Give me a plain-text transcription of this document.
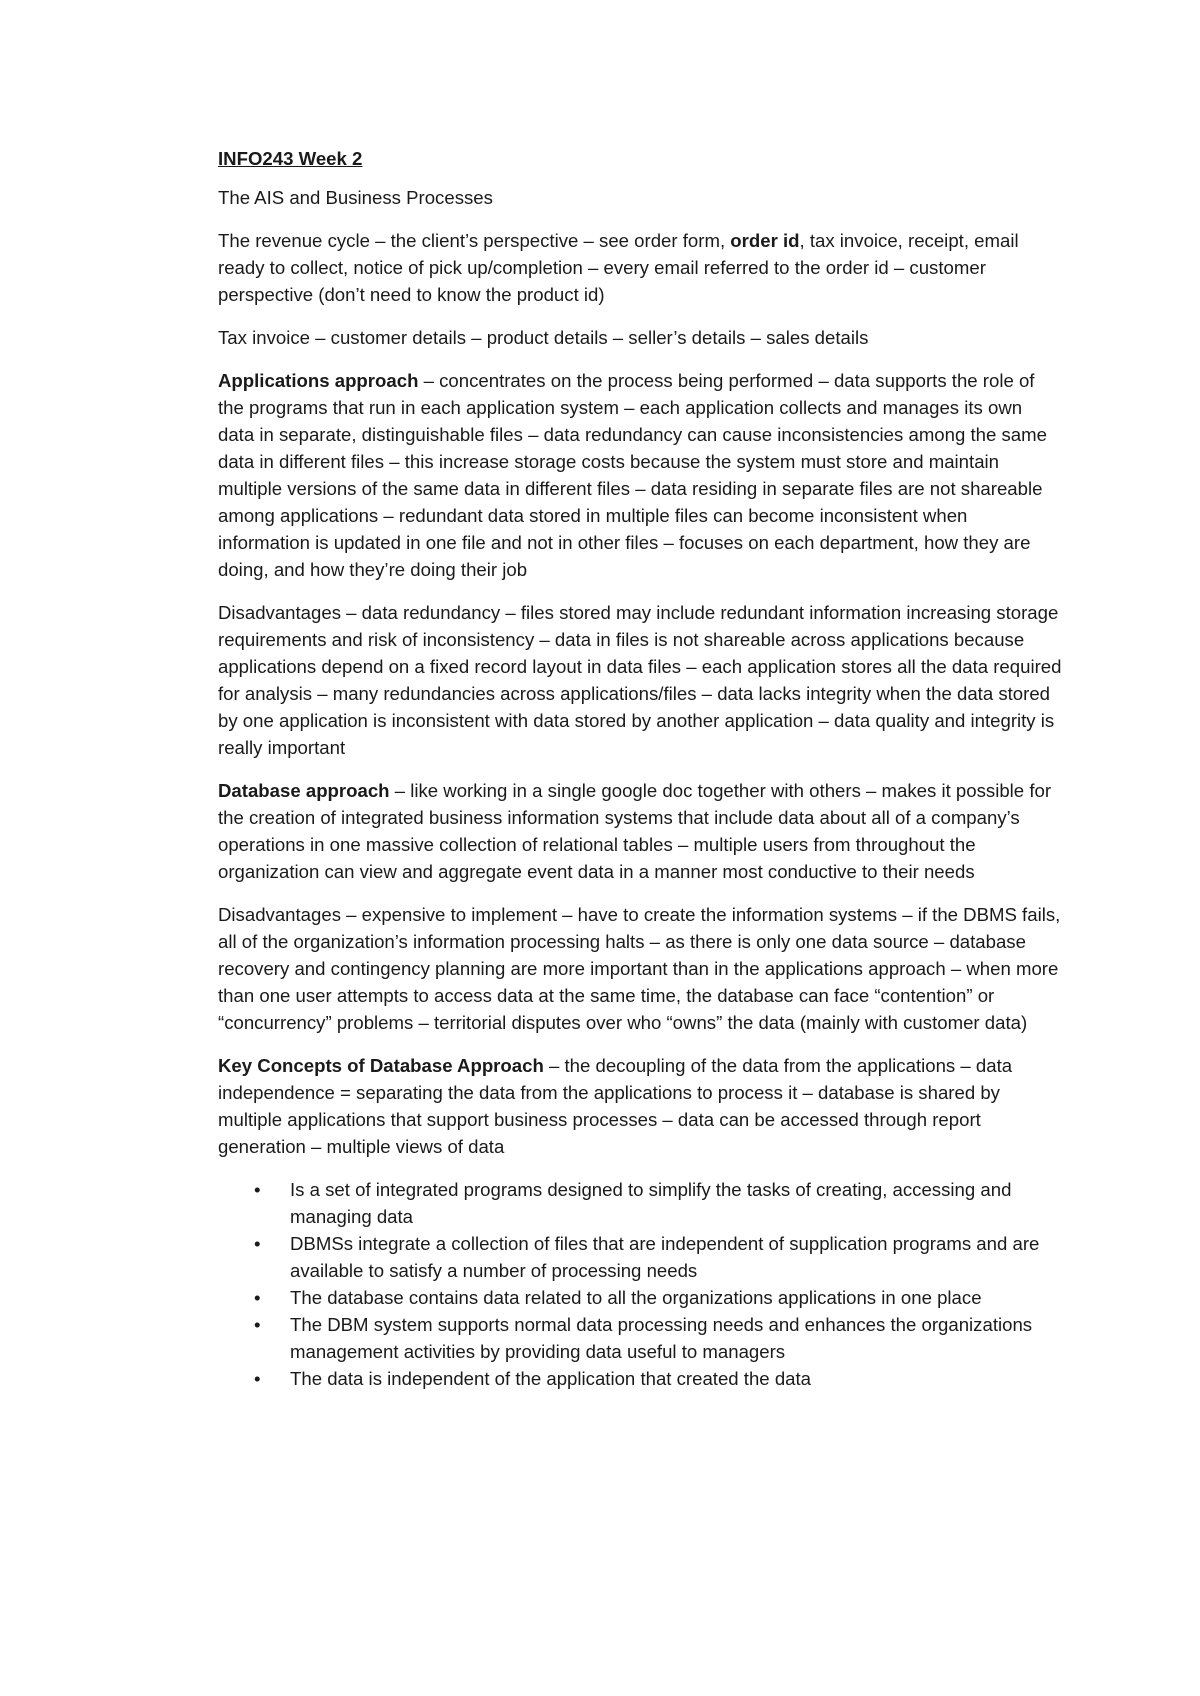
INFO243 Week 2

The AIS and Business Processes

The revenue cycle – the client’s perspective – see order form, order id, tax invoice, receipt, email ready to collect, notice of pick up/completion – every email referred to the order id – customer perspective (don’t need to know the product id)

Tax invoice – customer details – product details – seller’s details – sales details

Applications approach – concentrates on the process being performed – data supports the role of the programs that run in each application system – each application collects and manages its own data in separate, distinguishable files – data redundancy can cause inconsistencies among the same data in different files – this increase storage costs because the system must store and maintain multiple versions of the same data in different files – data residing in separate files are not shareable among applications – redundant data stored in multiple files can become inconsistent when information is updated in one file and not in other files – focuses on each department, how they are doing, and how they’re doing their job

Disadvantages – data redundancy – files stored may include redundant information increasing storage requirements and risk of inconsistency – data in files is not shareable across applications because applications depend on a fixed record layout in data files – each application stores all the data required for analysis – many redundancies across applications/files – data lacks integrity when the data stored by one application is inconsistent with data stored by another application – data quality and integrity is really important

Database approach – like working in a single google doc together with others – makes it possible for the creation of integrated business information systems that include data about all of a company’s operations in one massive collection of relational tables – multiple users from throughout the organization can view and aggregate event data in a manner most conductive to their needs

Disadvantages – expensive to implement – have to create the information systems – if the DBMS fails, all of the organization’s information processing halts – as there is only one data source – database recovery and contingency planning are more important than in the applications approach – when more than one user attempts to access data at the same time, the database can face “contention” or “concurrency” problems – territorial disputes over who “owns” the data (mainly with customer data)

Key Concepts of Database Approach – the decoupling of the data from the applications – data independence = separating the data from the applications to process it – database is shared by multiple applications that support business processes – data can be accessed through report generation – multiple views of data

• Is a set of integrated programs designed to simplify the tasks of creating, accessing and managing data
• DBMSs integrate a collection of files that are independent of supplication programs and are available to satisfy a number of processing needs
• The database contains data related to all the organizations applications in one place
• The DBM system supports normal data processing needs and enhances the organizations management activities by providing data useful to managers
• The data is independent of the application that created the data
